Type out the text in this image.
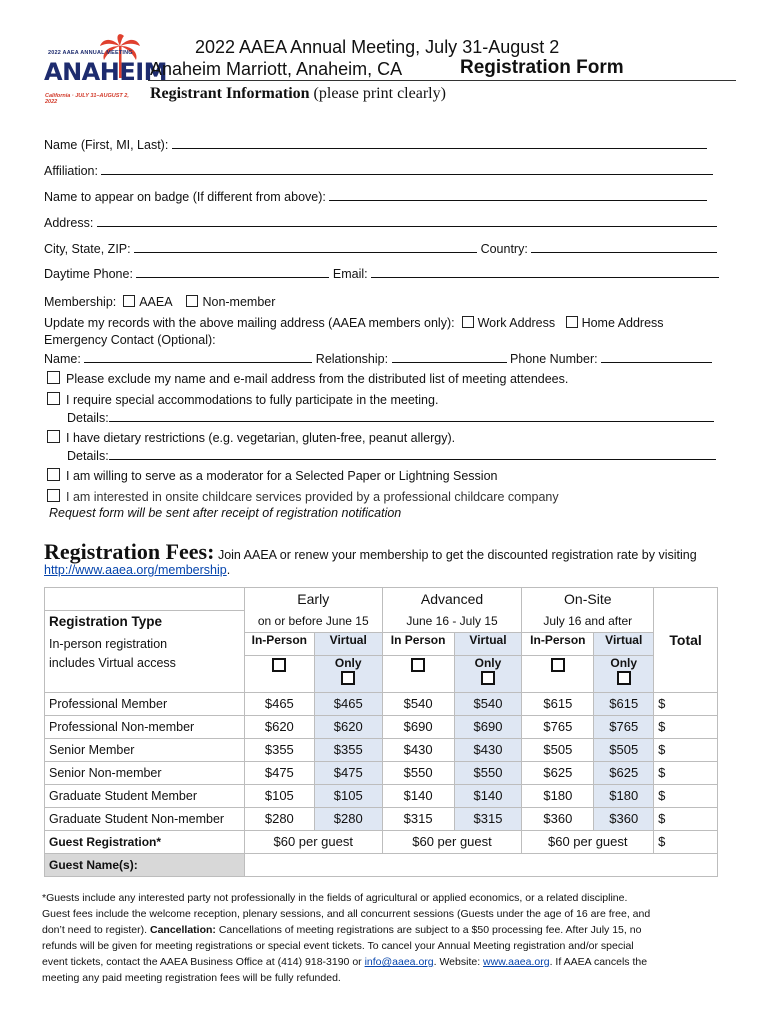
2022 AAEA ANNUAL MEETING
ANAHEIM
California · JULY 31–AUGUST 2, 2022
2022 AAEA Annual Meeting, July 31-August 2
Anaheim Marriott, Anaheim, CA	Registration Form
Registrant Information (please print clearly)
Name (First, MI, Last):
Affiliation:
Name to appear on badge (If different from above):
Address:
City, State, ZIP:	Country:
Daytime Phone:	Email:
Membership: AAEA Non-member
Update my records with the above mailing address (AAEA members only): Work Address Home Address
Emergency Contact (Optional):
Name:	Relationship:	Phone Number:
Please exclude my name and e-mail address from the distributed list of meeting attendees.
I require special accommodations to fully participate in the meeting.
Details:
I have dietary restrictions (e.g. vegetarian, gluten-free, peanut allergy).
Details:
I am willing to serve as a moderator for a Selected Paper or Lightning Session
I am interested in onsite childcare services provided by a professional childcare company
Request form will be sent after receipt of registration notification
Registration Fees: Join AAEA or renew your membership to get the discounted registration rate by visiting
http://www.aaea.org/membership.
	Early		Advanced		On-Site		Total
Registration Type	on or before June 15		June 16 - July 15		July 16 and after		
In-person registration	In-Person	Virtual	In Person	Virtual	In-Person	Virtual	
includes Virtual access		Only		Only		Only	

Professional Member	$465	$465	$540	$540	$615	$615	$
Professional Non-member	$620	$620	$690	$690	$765	$765	$
Senior Member	$355	$355	$430	$430	$505	$505	$
Senior Non-member	$475	$475	$550	$550	$625	$625	$
Graduate Student Member	$105	$105	$140	$140	$180	$180	$
Graduate Student Non-member	$280	$280	$315	$315	$360	$360	$
Guest Registration*	$60 per guest		$60 per guest		$60 per guest		$
Guest Name(s):							
*Guests include any interested party not professionally in the fields of agricultural or applied economics, or a related discipline.
Guest fees include the welcome reception, plenary sessions, and all concurrent sessions (Guests under the age of 16 are free, and
don’t need to register). Cancellation: Cancellations of meeting registrations are subject to a $50 processing fee. After July 15, no
refunds will be given for meeting registrations or special event tickets. To cancel your Annual Meeting registration and/or special
event tickets, contact the AAEA Business Office at (414) 918-3190 or info@aaea.org. Website: www.aaea.org. If AAEA cancels the
meeting any paid meeting registration fees will be fully refunded.
